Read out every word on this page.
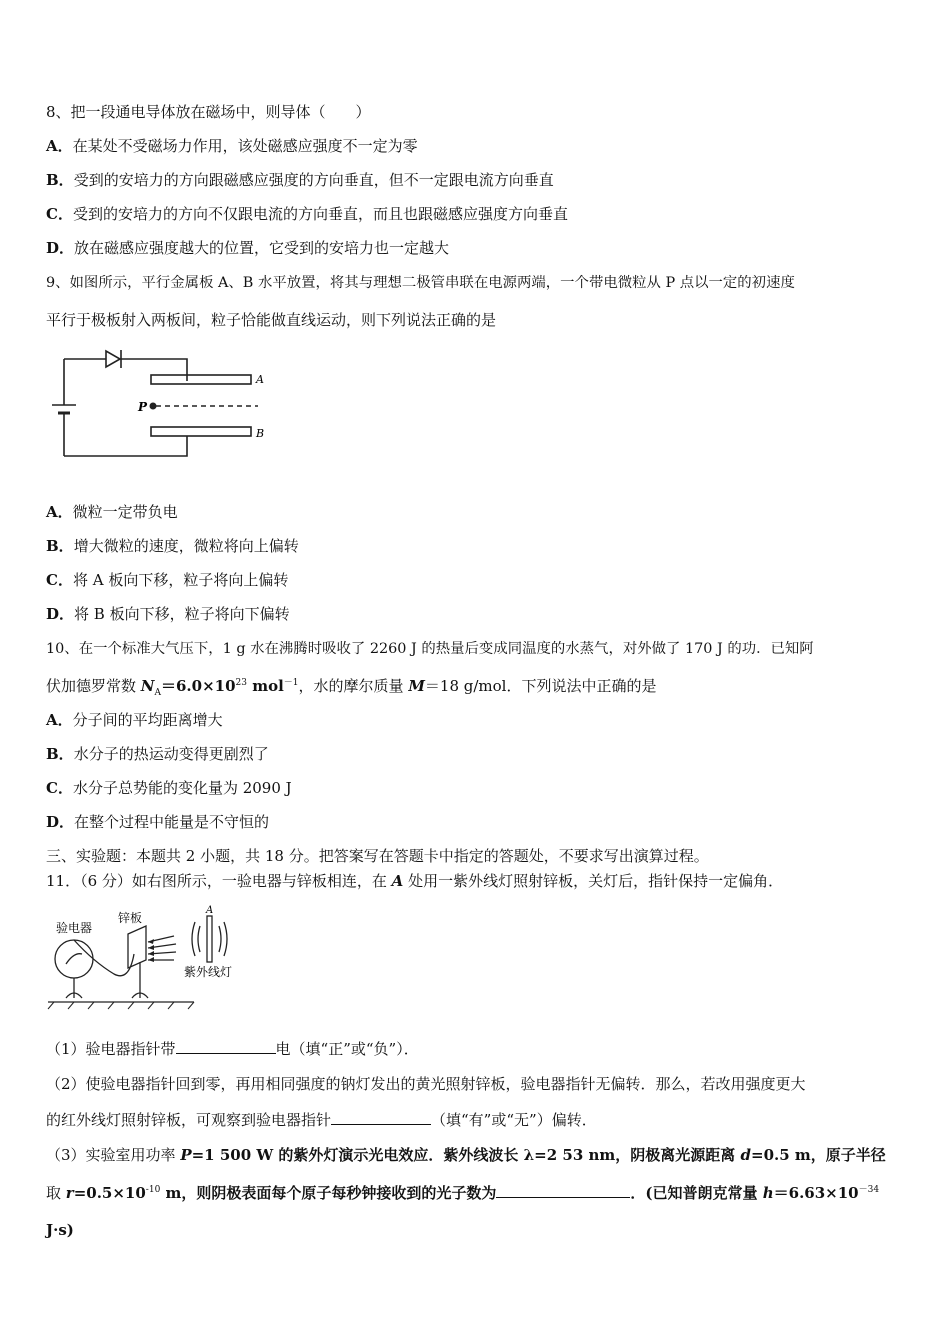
8、把一段通电导体放在磁场中，则导体（　　）
A．在某处不受磁场力作用，该处磁感应强度不一定为零
B．受到的安培力的方向跟磁感应强度的方向垂直，但不一定跟电流方向垂直
C．受到的安培力的方向不仅跟电流的方向垂直，而且也跟磁感应强度方向垂直
D．放在磁感应强度越大的位置，它受到的安培力也一定越大
9、如图所示，平行金属板 A、B 水平放置，将其与理想二极管串联在电源两端，一个带电微粒从 P 点以一定的初速度
平行于极板射入两板间，粒子恰能做直线运动，则下列说法正确的是
P
A
B
A．微粒一定带负电
B．增大微粒的速度，微粒将向上偏转
C．将 A 板向下移，粒子将向上偏转
D．将 B 板向下移，粒子将向下偏转
10、在一个标准大气压下，1 g 水在沸腾时吸收了 2260 J 的热量后变成同温度的水蒸气，对外做了 170 J 的功．已知阿
伏加德罗常数 $N_A=6.0\times 10^{23}$ mol$^{-1}$，水的摩尔质量 M＝18 g/mol．下列说法中正确的是
A．分子间的平均距离增大
B．水分子的热运动变得更剧烈了
C．水分子总势能的变化量为 2090 J
D．在整个过程中能量是不守恒的
三、实验题：本题共 2 小题，共 18 分。把答案写在答题卡中指定的答题处，不要求写出演算过程。
11．（6 分）如右图所示，一验电器与锌板相连，在 A 处用一紫外线灯照射锌板，关灯后，指针保持一定偏角．
验电器
锌板
A
紫外线灯
（1）验电器指针带	电（填“正”或“负”）．
（2）使验电器指针回到零，再用相同强度的钠灯发出的黄光照射锌板，验电器指针无偏转．那么，若改用强度更大
的红外线灯照射锌板，可观察到验电器指针	（填“有”或“无”）偏转．
（3）实验室用功率 P=1 500 W 的紫外灯演示光电效应．紫外线波长 λ=2 53 nm，阴极离光源距离 d=0.5 m，原子半径
取 $r=0.5\times 10^{-10}$ m，则阴极表面每个原子每秒钟接收到的光子数为	．(已知普朗克常量 $h=6.63\times 10^{-34}$
J·s)
